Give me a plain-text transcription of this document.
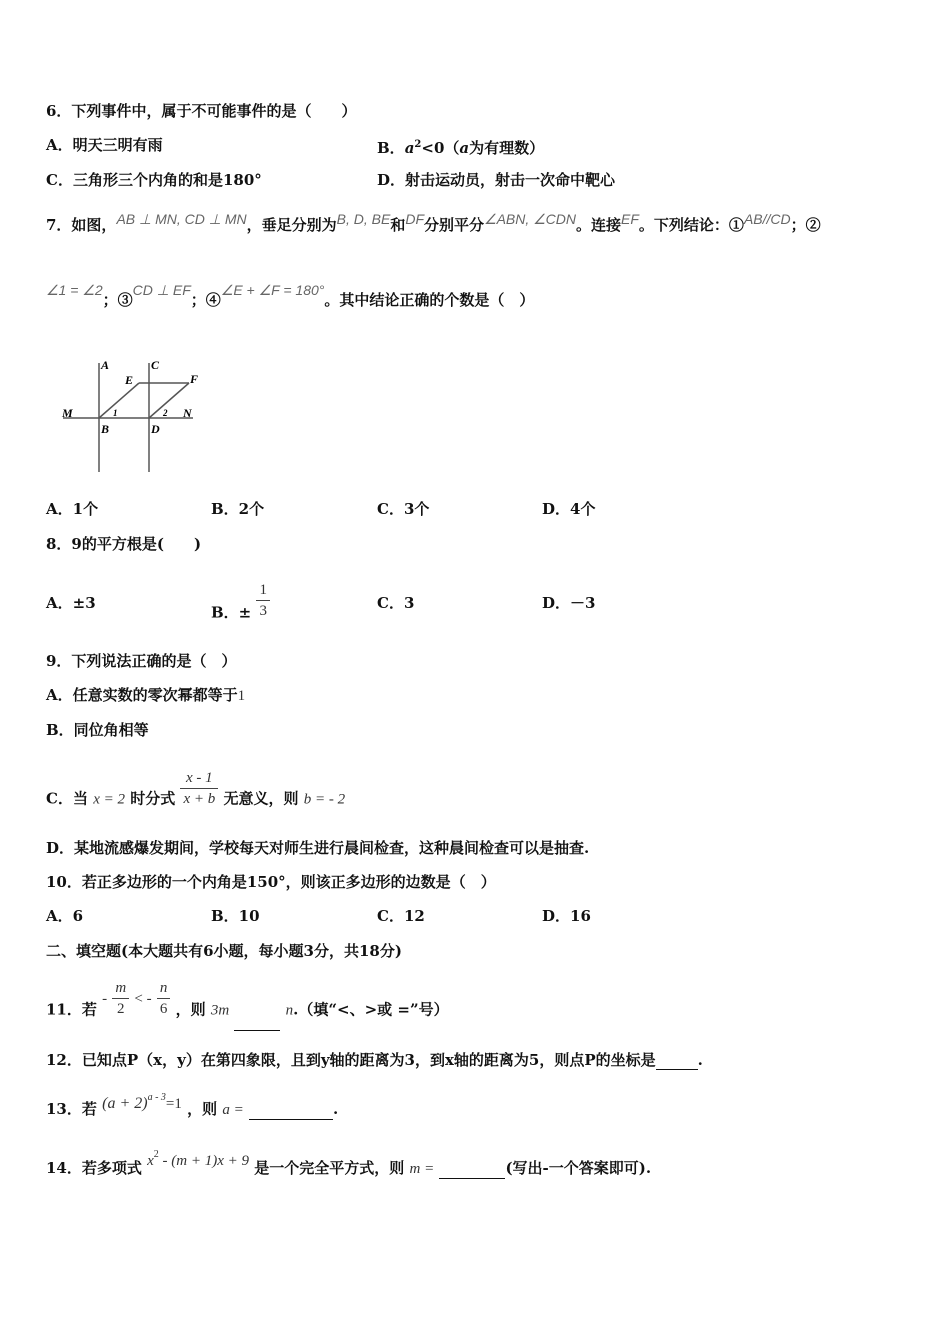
6．下列事件中，属于不可能事件的是（　　）
A．明天三明有雨	B．$a^2<0(a$为有理数）
C．三角形三个内角的和是180°	D．射击运动员，射击一次命中靶心
7．如图，AB ⊥ MN, CD ⊥ MN，垂足分别为B, D, BE和DF分别平分∠ABN, ∠CDN。连接EF。下列结论：①AB//CD；②
∠1 = ∠2；③CD ⊥ EF；④∠E + ∠F = 180°。其中结论正确的个数是（　）
A	C
E	F
M	N
B	D
1	2
A．1个	B．2个	C．3个	D．4个
8．9的平方根是(　　)
A．±3
B．± $\frac{1}{3}$	C．3	D．－3
9．下列说法正确的是（　）
A．任意实数的零次幂都等于1
B．同位角相等
C．当 x = 2 时分式 $\frac{x - 1}{x + b}$ 无意义，则 b = - 2
D．某地流感爆发期间，学校每天对师生进行晨间检查，这种晨间检查可以是抽查.
10．若正多边形的一个内角是150°，则该正多边形的边数是（　）
A．6	B．10	C．12	D．16
二、填空题(本大题共有6小题，每小题3分，共18分)
11．若 - $\frac{m}{2}$ < - $\frac{n}{6}$ ，则 3m	n.（填“<、>或 =”号）
12．已知点P（x，y）在第四象限，且到y轴的距离为3，到x轴的距离为5，则点P的坐标是	.
13．若 $(a + 2)^{a - 3}=1$ ，则 a =	.
14．若多项式 $x^2 - (m + 1)x + 9$ 是一个完全平方式，则 m =	(写出-一个答案即可).
